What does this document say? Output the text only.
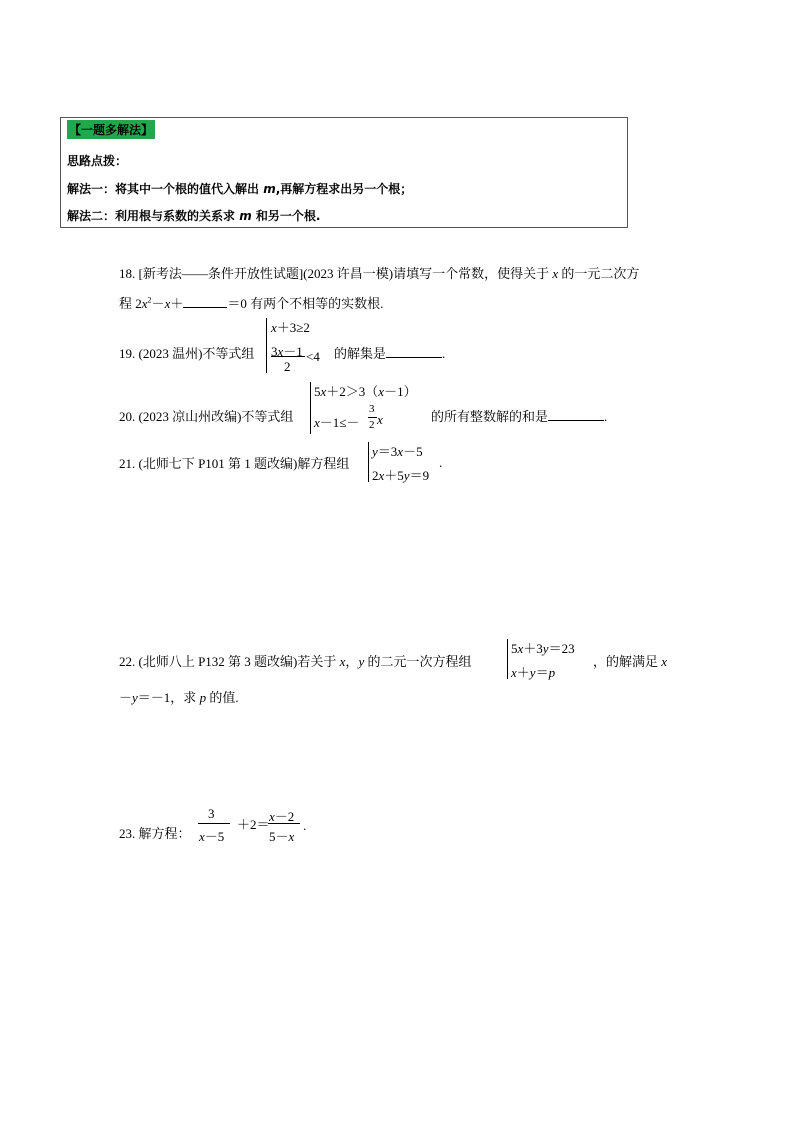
【一题多解法】
思路点拨：
解法一：将其中一个根的值代入解出 m,再解方程求出另一个根；
解法二：利用根与系数的关系求 m 和另一个根.
18. [新考法——条件开放性试题](2023 许昌一模)请填写一个常数，使得关于 x 的一元二次方
程 $2x^2-x+$	＝0 有两个不相等的实数根.
19. (2023 温州)不等式组
x＋3≥2
3x－1
2
<4 的解集是	.
20. (2023 凉山州改编)不等式组
5x＋2＞3（x－1）
x－1≤－
3
2 x	的所有整数解的和是	.
21. (北师七下 P101 第 1 题改编)解方程组
y＝3x－5
2x＋5y＝9
.
22. (北师八上 P132 第 3 题改编)若关于 x，y 的二元一次方程组
5x＋3y＝23
x＋y＝p
，的解满足 x
－y＝－1，求 p 的值.
23. 解方程：
3
x－5
＋2＝
x－2
5－x
.
